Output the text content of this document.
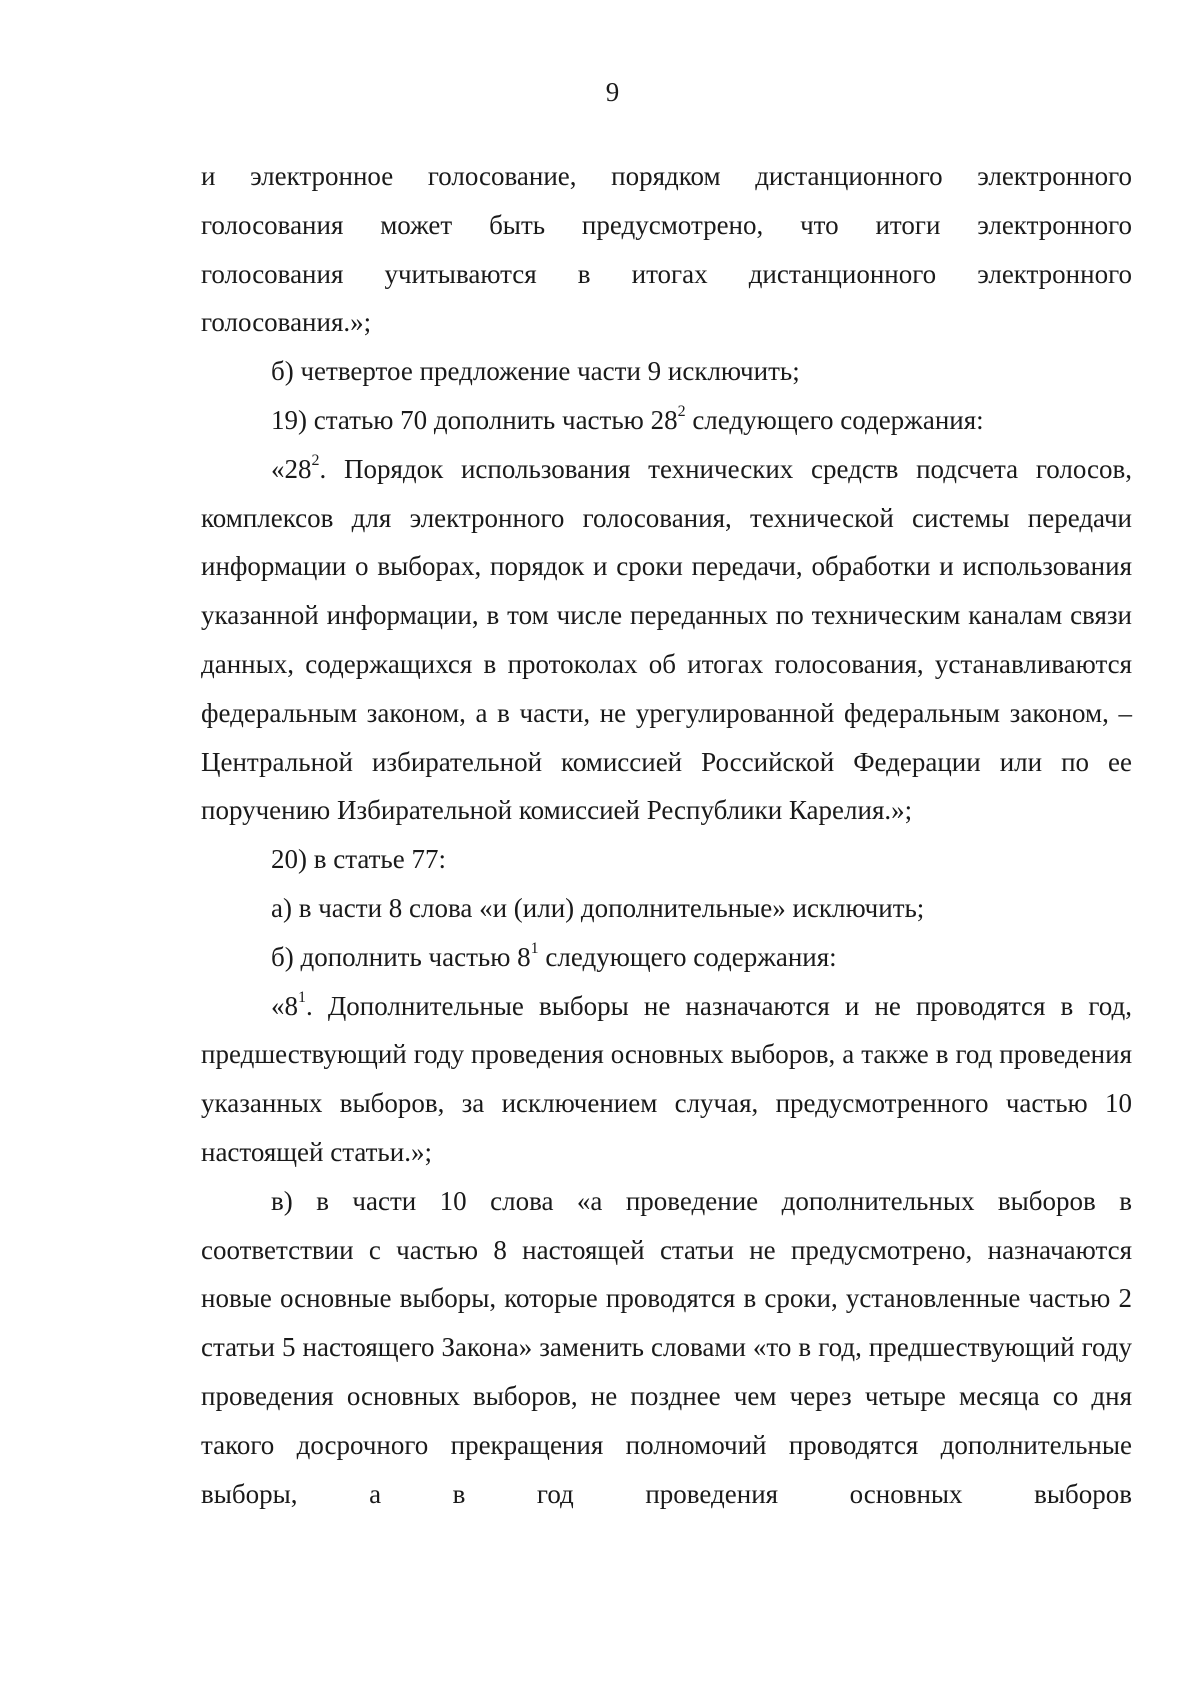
9

и электронное голосование, порядком дистанционного электронного
голосования может быть предусмотрено, что итоги электронного
голосования учитываются в итогах дистанционного электронного
голосования.»;

б) четвертое предложение части 9 исключить;

19) статью 70 дополнить частью $28^2$ следующего содержания:

«$28^2$. Порядок использования технических средств подсчета голосов, комплексов для электронного голосования, технической системы передачи информации о выборах, порядок и сроки передачи, обработки и использования указанной информации, в том числе переданных по техническим каналам связи данных, содержащихся в протоколах об итогах голосования, устанавливаются федеральным законом, а в части, не урегулированной федеральным законом, – Центральной избирательной комиссией Российской Федерации или по ее поручению Избирательной комиссией Республики Карелия.»;

20) в статье 77:

а) в части 8 слова «и (или) дополнительные» исключить;

б) дополнить частью $8^1$ следующего содержания:

«$8^1$. Дополнительные выборы не назначаются и не проводятся в год, предшествующий году проведения основных выборов, а также в год проведения указанных выборов, за исключением случая, предусмотренного частью 10 настоящей статьи.»;

в) в части 10 слова «а проведение дополнительных выборов в соответствии с частью 8 настоящей статьи не предусмотрено, назначаются новые основные выборы, которые проводятся в сроки, установленные частью 2 статьи 5 настоящего Закона» заменить словами «то в год, предшествующий году проведения основных выборов, не позднее чем через четыре месяца со дня такого досрочного прекращения полномочий проводятся дополнительные выборы, а в год проведения основных выборов
